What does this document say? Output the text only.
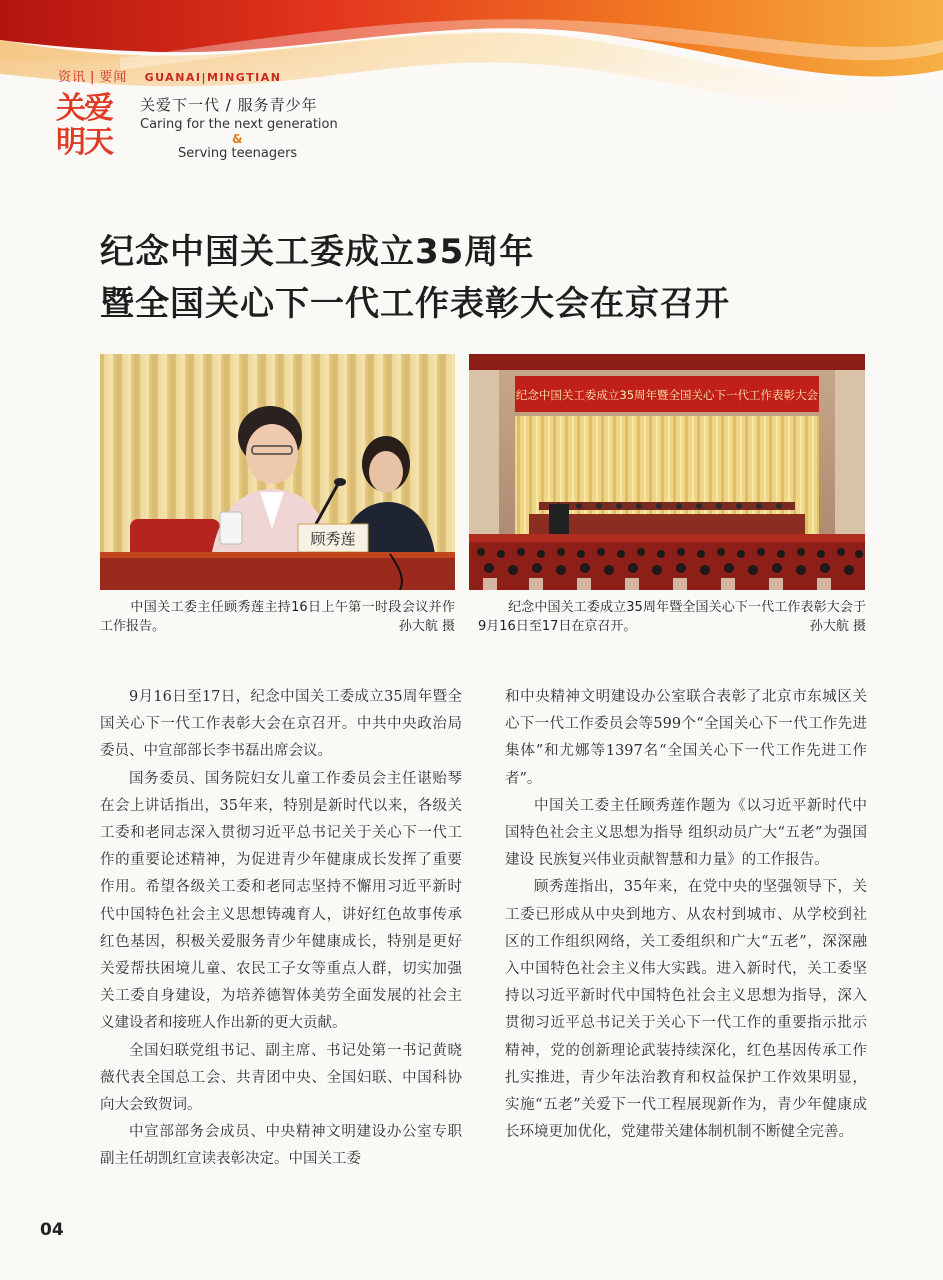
资讯 | 要闻 GUANAI|MINGTIAN
关爱
明天
关爱下一代 / 服务青少年
Caring for the next generation
&
Serving teenagers
纪念中国关工委成立35周年
暨全国关心下一代工作表彰大会在京召开
顾秀莲
纪念中国关工委成立35周年暨全国关心下一代工作表彰大会
中国关工委主任顾秀莲主持16日上午第一时段会议并作工作报告。	孙大航 摄
纪念中国关工委成立35周年暨全国关心下一代工作表彰大会于9月16日至17日在京召开。	孙大航 摄

9月16日至17日，纪念中国关工委成立35周年暨全国关心下一代工作表彰大会在京召开。中共中央政治局委员、中宣部部长李书磊出席会议。

国务委员、国务院妇女儿童工作委员会主任谌贻琴在会上讲话指出，35年来，特别是新时代以来，各级关工委和老同志深入贯彻习近平总书记关于关心下一代工作的重要论述精神，为促进青少年健康成长发挥了重要作用。希望各级关工委和老同志坚持不懈用习近平新时代中国特色社会主义思想铸魂育人，讲好红色故事传承红色基因，积极关爱服务青少年健康成长，特别是更好关爱帮扶困境儿童、农民工子女等重点人群，切实加强关工委自身建设，为培养德智体美劳全面发展的社会主义建设者和接班人作出新的更大贡献。

全国妇联党组书记、副主席、书记处第一书记黄晓薇代表全国总工会、共青团中央、全国妇联、中国科协向大会致贺词。

中宣部部务会成员、中央精神文明建设办公室专职副主任胡凯红宣读表彰决定。中国关工委

和中央精神文明建设办公室联合表彰了北京市东城区关心下一代工作委员会等599个“全国关心下一代工作先进集体”和尤娜等1397名“全国关心下一代工作先进工作者”。

中国关工委主任顾秀莲作题为《以习近平新时代中国特色社会主义思想为指导 组织动员广大“五老”为强国建设 民族复兴伟业贡献智慧和力量》的工作报告。

顾秀莲指出，35年来，在党中央的坚强领导下，关工委已形成从中央到地方、从农村到城市、从学校到社区的工作组织网络，关工委组织和广大“五老”，深深融入中国特色社会主义伟大实践。进入新时代，关工委坚持以习近平新时代中国特色社会主义思想为指导，深入贯彻习近平总书记关于关心下一代工作的重要指示批示精神，党的创新理论武装持续深化，红色基因传承工作扎实推进，青少年法治教育和权益保护工作效果明显，实施“五老”关爱下一代工程展现新作为，青少年健康成长环境更加优化，党建带关建体制机制不断健全完善。

04
